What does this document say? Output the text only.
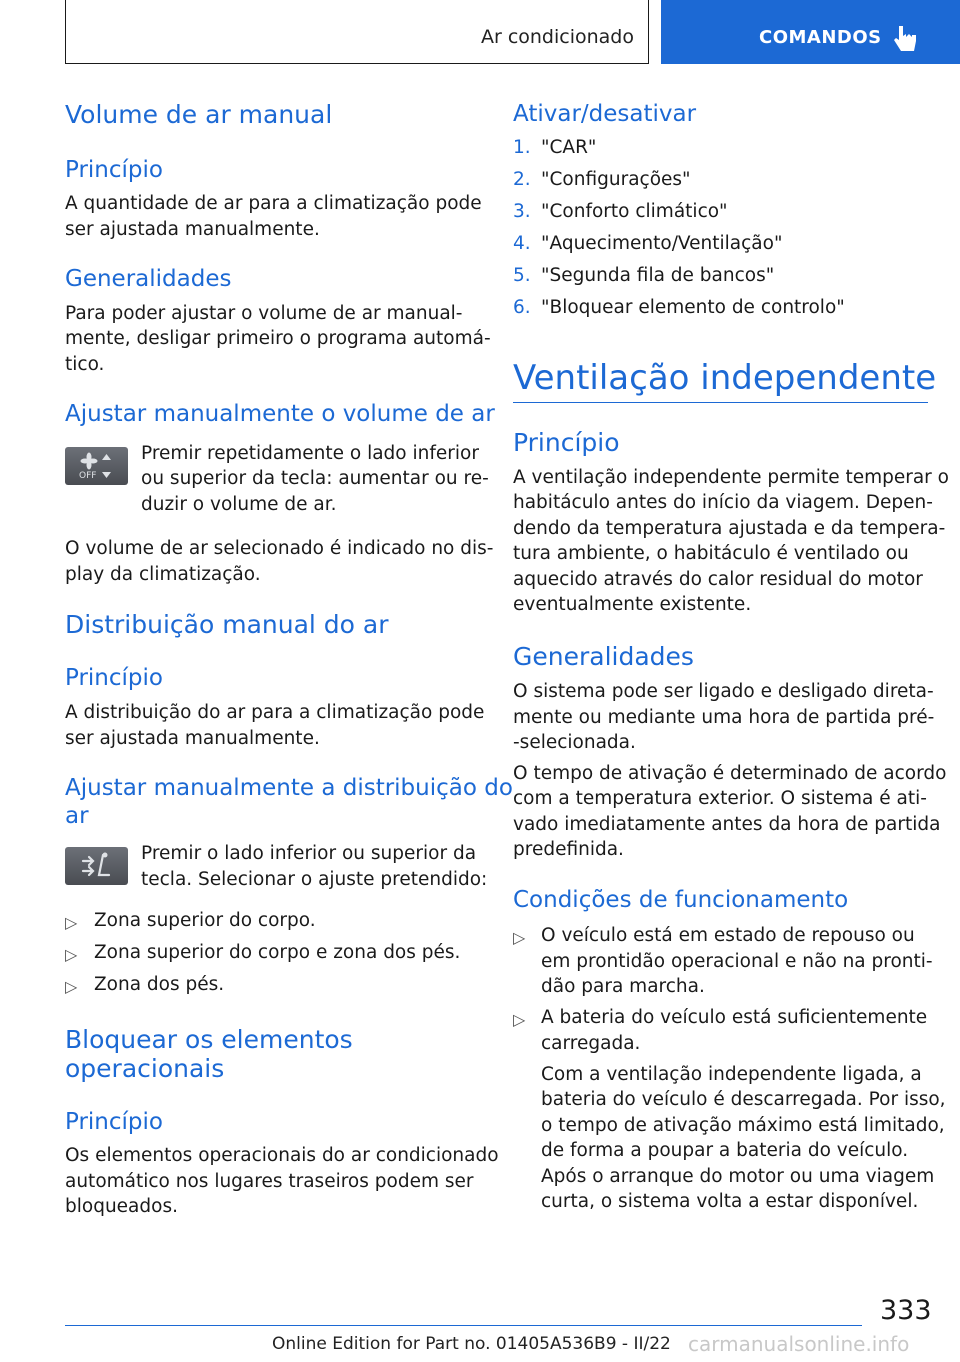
Ar condicionado	COMANDOS
Volume de ar manual
Princípio

A quantidade de ar para a climatização pode

ser ajustada manualmente.

Generalidades

Para poder ajustar o volume de ar manual-

mente, desligar primeiro o programa automá-

tico.

Ajustar manualmente o volume de ar
OFF

Premir repetidamente o lado inferior

ou superior da tecla: aumentar ou re-

duzir o volume de ar.

O volume de ar selecionado é indicado no dis-

play da climatização.

Distribuição manual do ar
Princípio

A distribuição do ar para a climatização pode

ser ajustada manualmente.

Ajustar manualmente a distribuição do
ar

Premir o lado inferior ou superior da

tecla. Selecionar o ajuste pretendido:

▷ Zona superior do corpo.
▷ Zona superior do corpo e zona dos pés.
▷ Zona dos pés.
Bloquear os elementos
operacionais
Princípio

Os elementos operacionais do ar condicionado

automático nos lugares traseiros podem ser

bloqueados.

Ativar/desativar
1. "CAR"
2. "Configurações"
3. "Conforto climático"
4. "Aquecimento/Ventilação"
5. "Segunda fila de bancos"
6. "Bloquear elemento de controlo"
Ventilação independente
Princípio

A ventilação independente permite temperar o

habitáculo antes do início da viagem. Depen-

dendo da temperatura ajustada e da tempera-

tura ambiente, o habitáculo é ventilado ou

aquecido através do calor residual do motor

eventualmente existente.

Generalidades

O sistema pode ser ligado e desligado direta-

mente ou mediante uma hora de partida pré-

-selecionada.

O tempo de ativação é determinado de acordo

com a temperatura exterior. O sistema é ati-

vado imediatamente antes da hora de partida

predefinida.

Condições de funcionamento
▷ O veículo está em estado de repouso ou

em prontidão operacional e não na pronti-

dão para marcha.

▷ A bateria do veículo está suficientemente

carregada.

Com a ventilação independente ligada, a

bateria do veículo é descarregada. Por isso,

o tempo de ativação máximo está limitado,

de forma a poupar a bateria do veículo.

Após o arranque do motor ou uma viagem

curta, o sistema volta a estar disponível.

333
Online Edition for Part no. 01405A536B9 - II/22 carmanualsonline.info
